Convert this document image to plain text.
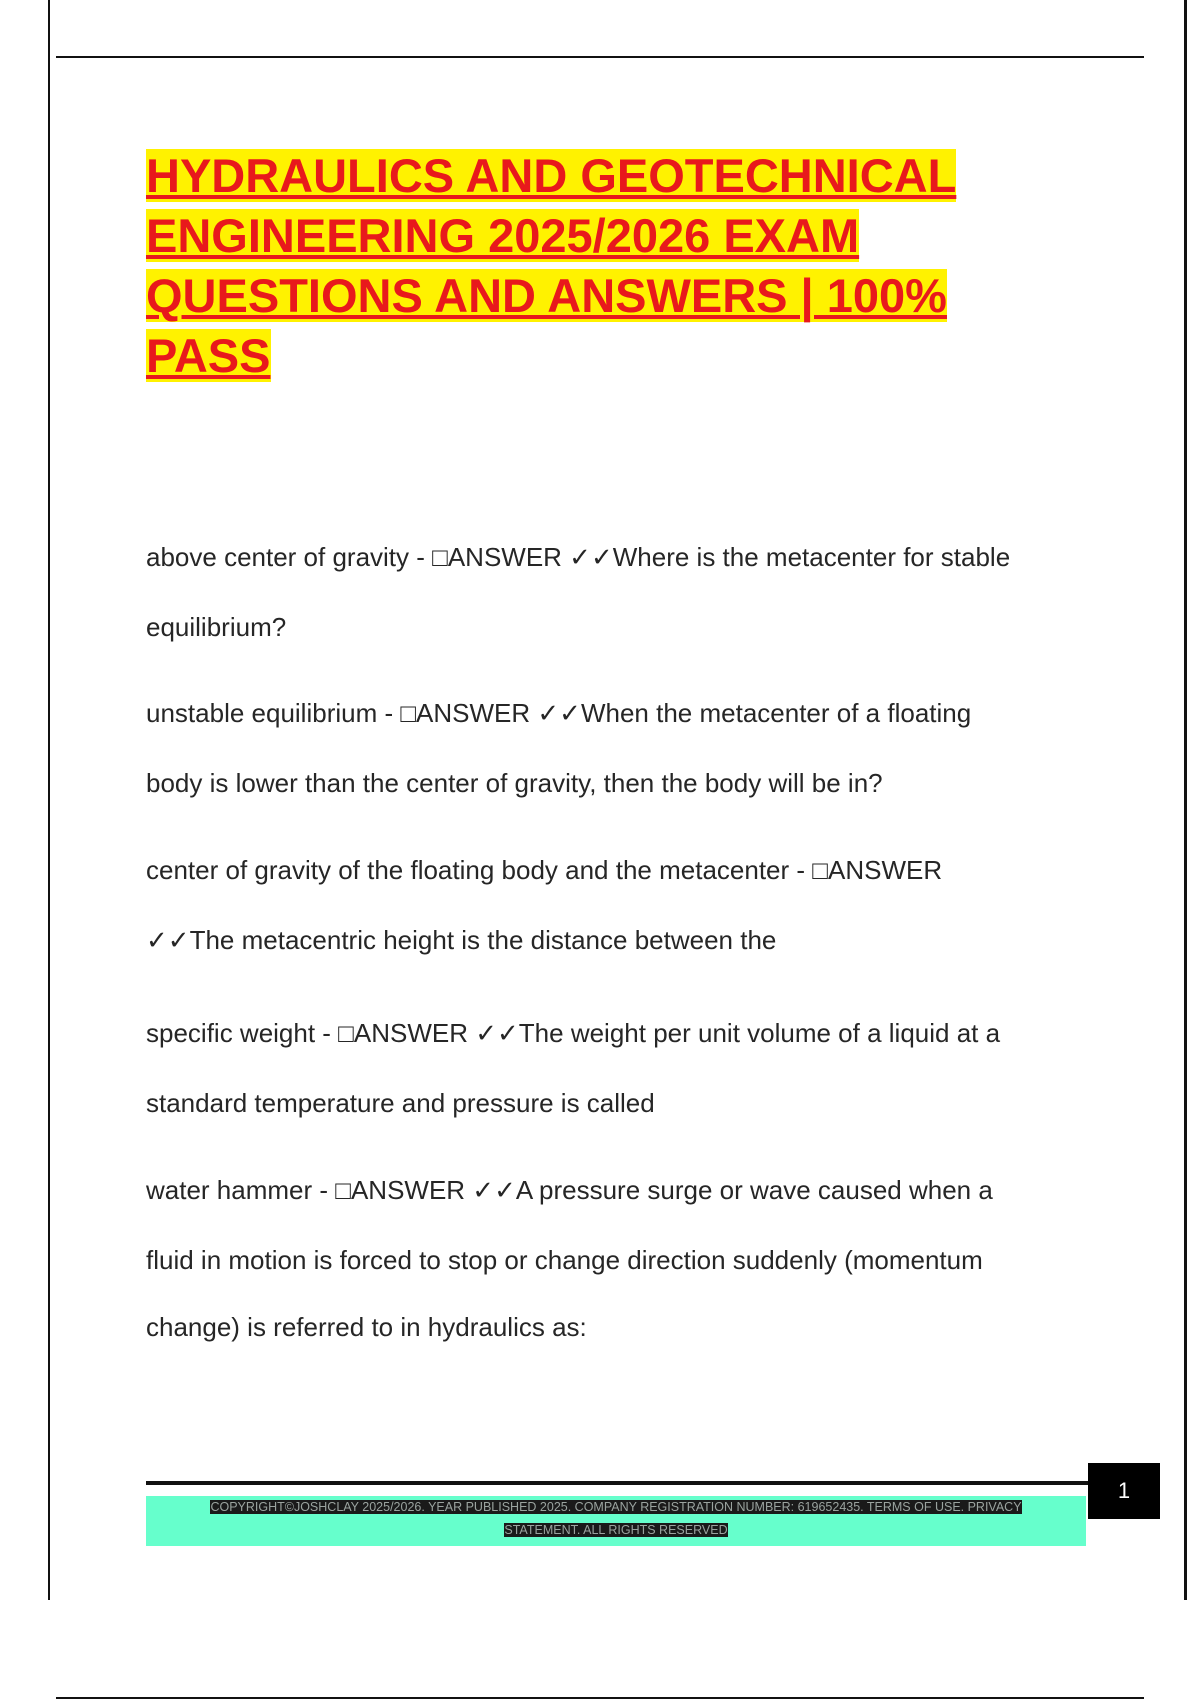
HYDRAULICS AND GEOTECHNICAL
ENGINEERING 2025/2026 EXAM
QUESTIONS AND ANSWERS | 100%
PASS

above center of gravity - □ANSWER ✓✓Where is the metacenter for stable
equilibrium?

unstable equilibrium - □ANSWER ✓✓When the metacenter of a floating
body is lower than the center of gravity, then the body will be in?

center of gravity of the floating body and the metacenter - □ANSWER
✓✓The metacentric height is the distance between the

specific weight - □ANSWER ✓✓The weight per unit volume of a liquid at a
standard temperature and pressure is called

water hammer - □ANSWER ✓✓A pressure surge or wave caused when a
fluid in motion is forced to stop or change direction suddenly (momentum
change) is referred to in hydraulics as:

COPYRIGHT©JOSHCLAY 2025/2026. YEAR PUBLISHED 2025. COMPANY REGISTRATION NUMBER: 619652435. TERMS OF USE. PRIVACY
STATEMENT. ALL RIGHTS RESERVED
1
